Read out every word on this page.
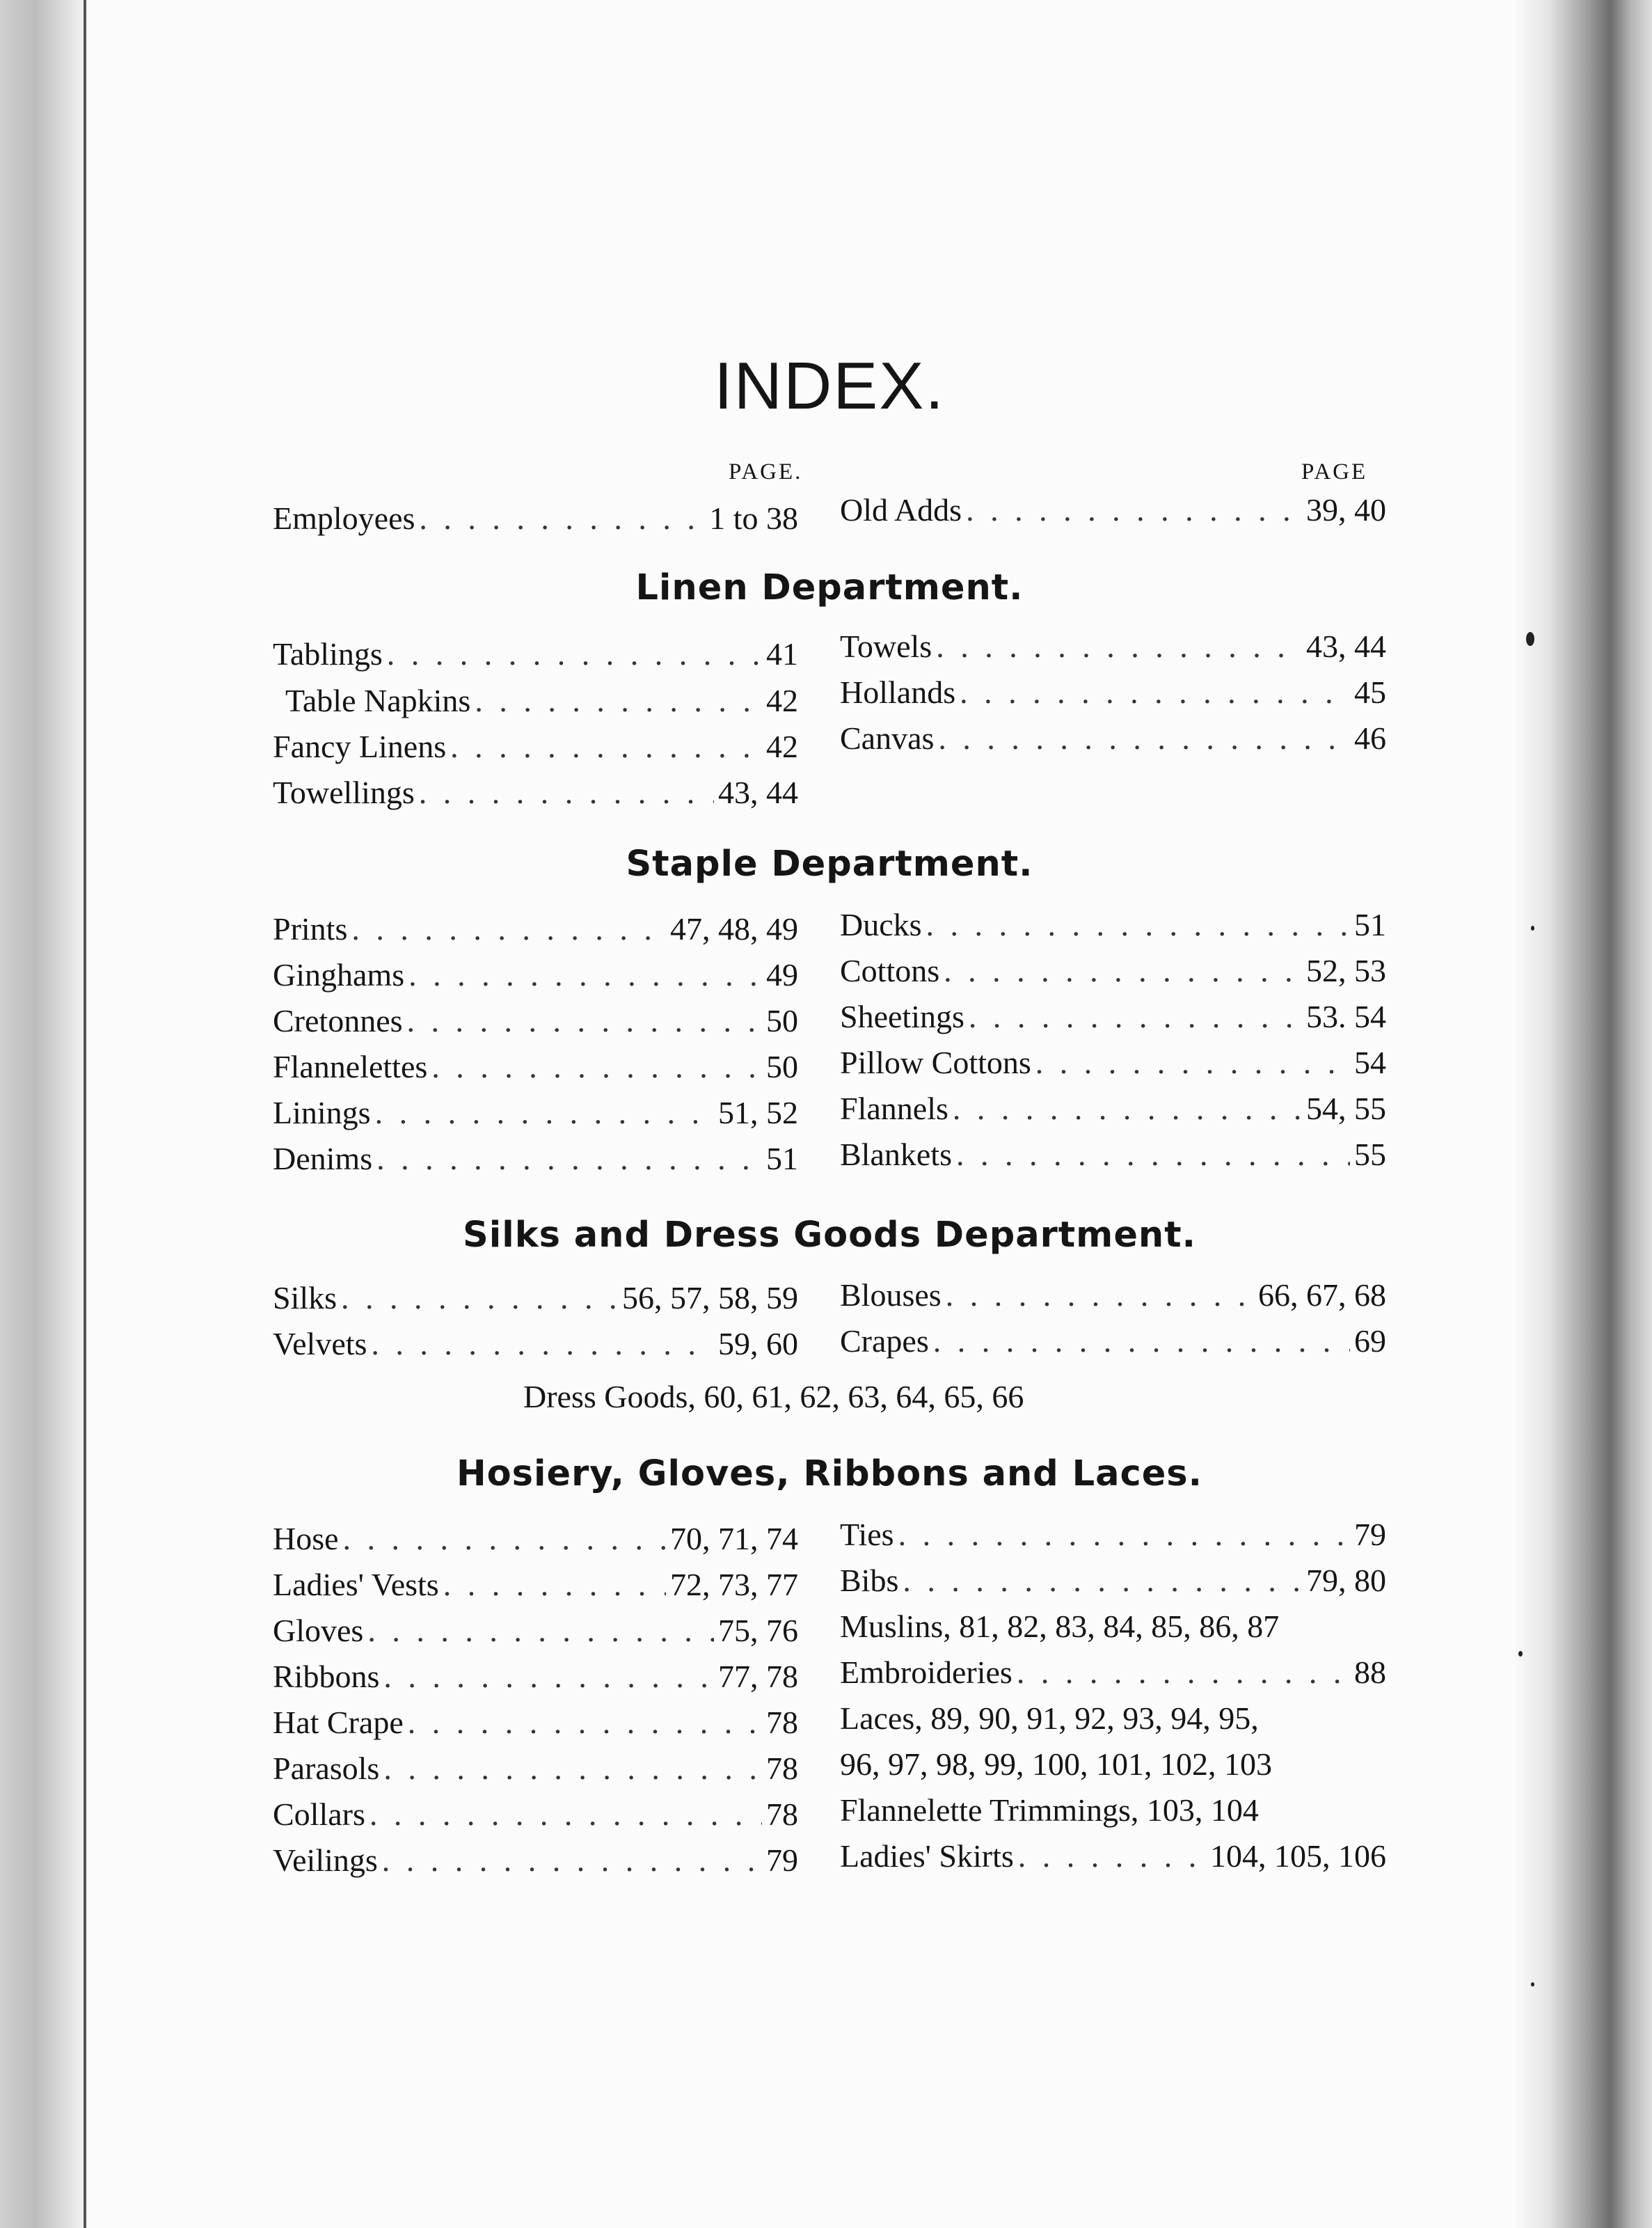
INDEX.
PAGE.	PAGE
Employees . . .	1 to 38 Old Adds . . .	39, 40
Linen Department.
Tablings . . .	41
Table Napkins . . .	42
Fancy Linens . . .	42
Towellings . . .	43, 44
Towels . . .	43, 44
Hollands . . .	45
Canvas . . .	46
Staple Department.
Prints . . .	47, 48, 49
Ginghams . . .	49
Cretonnes . . .	50
Flannelettes . . .	50
Linings . . .	51, 52
Denims . . .	51
Ducks . . .	51
Cottons . . .	52, 53
Sheetings . . .	53. 54
Pillow Cottons . . .	54
Flannels . . .	54, 55
Blankets . . .	55
Silks and Dress Goods Department.
Silks . . .	56, 57, 58, 59
Velvets . . .	59, 60
Blouses . . .	66, 67, 68
Crapes . . .	69
Dress Goods, 60, 61, 62, 63, 64, 65, 66
Hosiery, Gloves, Ribbons and Laces.
Hose . . .	70, 71, 74
Ladies' Vests . . .	72, 73, 77
Gloves . . .	75, 76
Ribbons . . .	77, 78
Hat Crape . . .	78
Parasols . . .	78
Collars . . .	78
Veilings . . .	79
Ties . . .	79
Bibs . . .	79, 80
Muslins, 81, 82, 83, 84, 85, 86, 87
Embroideries . . .	88
Laces, 89, 90, 91, 92, 93, 94, 95,
96, 97, 98, 99, 100, 101, 102, 103
Flannelette Trimmings, 103, 104
Ladies' Skirts . . .	104, 105, 106
